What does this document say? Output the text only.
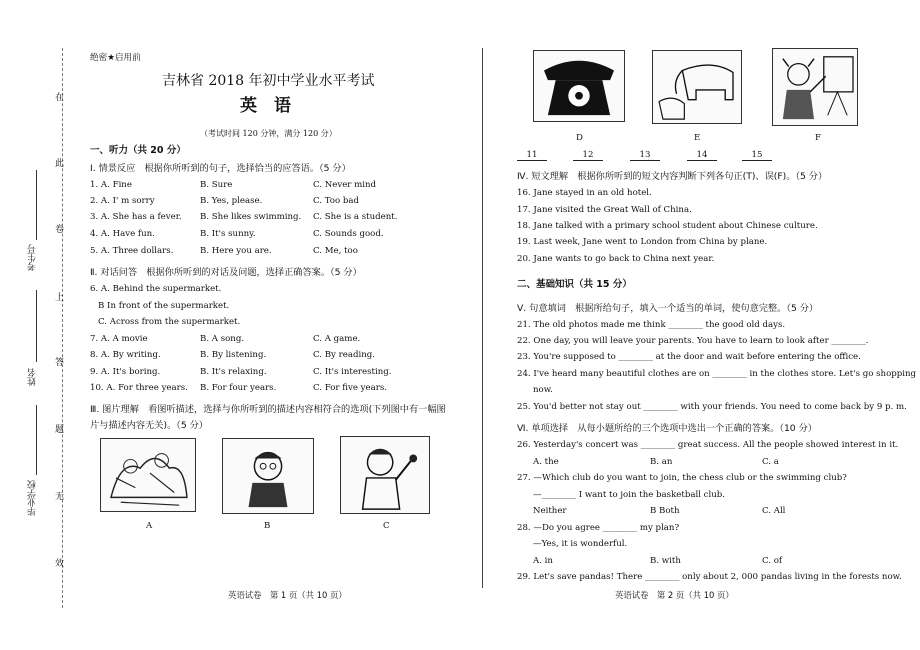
在
此
卷
上
答
题
无
效
考生号
姓名
毕业学校
绝密★启用前
吉林省 2018 年初中学业水平考试
英　语
（考试时间 120 分钟，满分 120 分）
一、听力（共 20 分）
Ⅰ. 情景反应　根据你所听到的句子，选择恰当的应答语。（5 分）
1. A. Fine	B. Sure	C. Never mind
2. A. I' m sorry	B. Yes, please.	C. Too bad
3. A. She has a fever. B. She likes swimming. C. She is a student.
4. A. Have fun.	B. It's sunny.	C. Sounds good.
5. A. Three dollars.	B. Here you are.	C. Me, too
Ⅱ. 对话问答　根据你所听到的对话及问题，选择正确答案。（5 分）
6. A. Behind the supermarket.
B In front of the supermarket.
C. Across from the supermarket.
7. A. A movie	B. A song.	C. A game.
8. A. By writing.	B. By listening.	C. By reading.
9. A. It's boring.	B. It's relaxing.	C. It's interesting.
10. A. For three years. B. For four years.	C. For five years.
Ⅲ. 图片理解　看图听描述，选择与你所听到的描述内容相符合的选项(下列图中有一幅图
片与描述内容无关)。（5 分）
A	B	C
英语试卷　第 1 页（共 10 页）
D	E	F
11	12	13	14	15
Ⅳ. 短文理解　根据你所听到的短文内容判断下列各句正(T)、误(F)。（5 分）
16. Jane stayed in an old hotel.
17. Jane visited the Great Wall of China.
18. Jane talked with a primary school student about Chinese culture.
19. Last week, Jane went to London from China by plane.
20. Jane wants to go back to China next year.
二、基础知识（共 15 分）
Ⅴ. 句意填词　根据所给句子，填入一个适当的单词，使句意完整。（5 分）
21. The old photos made me think ________ the good old days.
22. One day, you will leave your parents. You have to learn to look after ________.
23. You're supposed to ________ at the door and wait before entering the office.
24. I've heard many beautiful clothes are on ________ in the clothes store. Let's go shopping
now.
25. You'd better not stay out ________ with your friends. You need to come back by 9 p. m.
Ⅵ. 单项选择　从每小题所给的三个选项中选出一个正确的答案。（10 分）
26. Yesterday's concert was ________ great success. All the people showed interest in it.
A. the	B. an	C. a
27. —Which club do you want to join, the chess club or the swimming club?
—________ I want to join the basketball club.
Neither	B Both	C. All
28. —Do you agree ________ my plan?
—Yes, it is wonderful.
A. in	B. with	C. of
29. Let's save pandas! There ________ only about 2, 000 pandas living in the forests now.
英语试卷　第 2 页（共 10 页）
